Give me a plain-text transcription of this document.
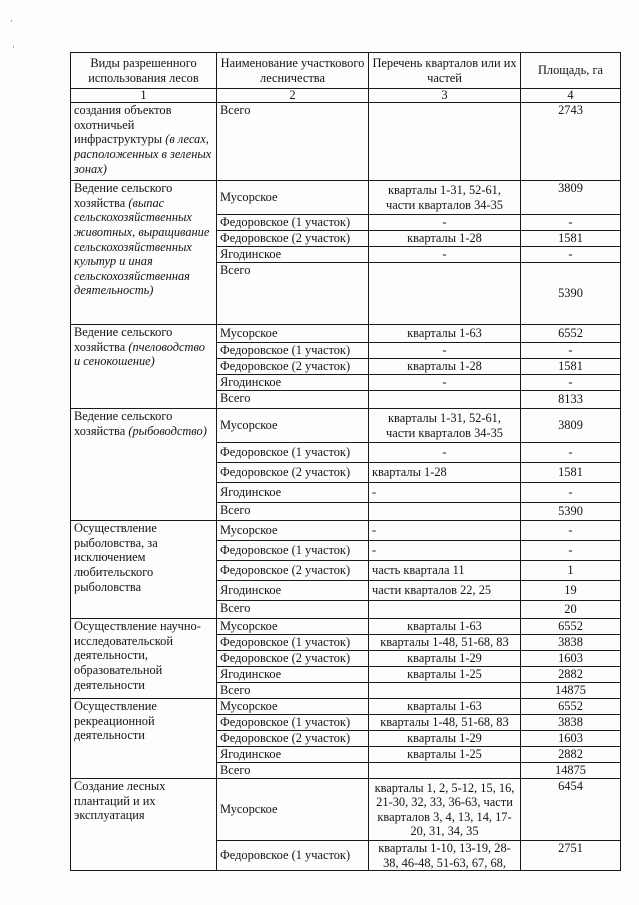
·
·
Виды разрешенного использования лесов	Наименование участкового лесничества	Перечень кварталов или их частей	Площадь, га
1	2	3	4
создания объектов охотничьей инфраструктуры (в лесах, расположенных в зеленых зонах)	Всего		2743
Ведение сельского хозяйства (выпас сельскохозяйственных животных, выращивание сельскохозяйственных культур и иная сельскохозяйственная деятельность)	Мусорское	кварталы 1-31, 52-61, части кварталов 34-35	3809
	Федоровское (1 участок)	-	-
	Федоровское (2 участок)	кварталы 1-28	1581
	Ягодинское	-	-
	Всего		5390
Ведение сельского хозяйства (пчеловодство и сенокошение)	Мусорское	кварталы 1-63	6552
	Федоровское (1 участок)	-	-
	Федоровское (2 участок)	кварталы 1-28	1581
	Ягодинское	-	-
	Всего		8133
Ведение сельского хозяйства (рыбоводство)	Мусорское	кварталы 1-31, 52-61, части кварталов 34-35	3809
	Федоровское (1 участок)	-	-
	Федоровское (2 участок)	кварталы 1-28	1581
	Ягодинское	-	-
	Всего		5390
Осуществление рыболовства, за исключением любительского рыболовства	Мусорское	-	-
	Федоровское (1 участок)	-	-
	Федоровское (2 участок)	часть квартала 11	1
	Ягодинское	части кварталов 22, 25	19
	Всего		20
Осуществление научно-исследовательской деятельности, образовательной деятельности	Мусорское	кварталы 1-63	6552
	Федоровское (1 участок)	кварталы 1-48, 51-68, 83	3838
	Федоровское (2 участок)	кварталы 1-29	1603
	Ягодинское	кварталы 1-25	2882
	Всего		14875
Осуществление рекреационной деятельности	Мусорское	кварталы 1-63	6552
	Федоровское (1 участок)	кварталы 1-48, 51-68, 83	3838
	Федоровское (2 участок)	кварталы 1-29	1603
	Ягодинское	кварталы 1-25	2882
	Всего		14875
Создание лесных плантаций и их эксплуатация	Мусорское	кварталы 1, 2, 5-12, 15, 16, 21-30, 32, 33, 36-63, части кварталов 3, 4, 13, 14, 17-20, 31, 34, 35	6454
	Федоровское (1 участок)	кварталы 1-10, 13-19, 28-38, 46-48, 51-63, 67, 68,	2751
